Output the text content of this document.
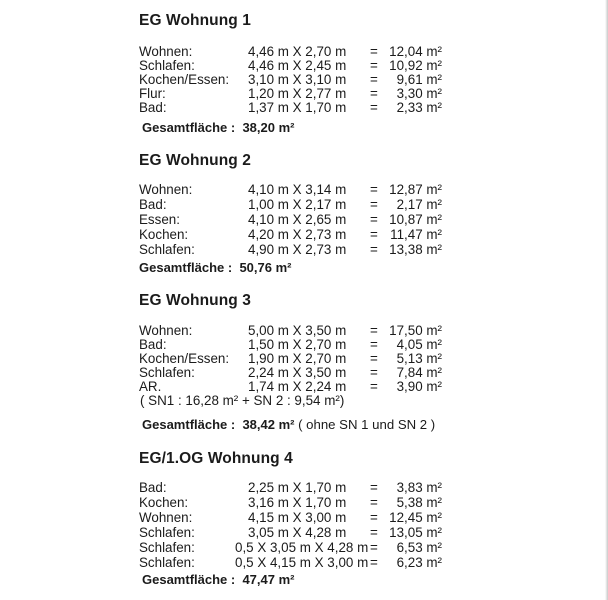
EG Wohnung 1
Wohnen:	4,46 m X 2,70 m = 12,04 m²
Schlafen:	4,46 m X 2,45 m = 10,92 m²
Kochen/Essen: 3,10 m X 3,10 m =	9,61 m²
Flur:	1,20 m X 2,77 m =	3,30 m²
Bad:	1,37 m X 1,70 m =	2,33 m²
Gesamtfläche : 38,20 m²
EG Wohnung 2
Wohnen:	4,10 m X 3,14 m = 12,87 m²
Bad:	1,00 m X 2,17 m =	2,17 m²
Essen:	4,10 m X 2,65 m = 10,87 m²
Kochen:	4,20 m X 2,73 m = 11,47 m²
Schlafen:	4,90 m X 2,73 m = 13,38 m²
Gesamtfläche : 50,76 m²
EG Wohnung 3
Wohnen:	5,00 m X 3,50 m = 17,50 m²
Bad:	1,50 m X 2,70 m =	4,05 m²
Kochen/Essen: 1,90 m X 2,70 m =	5,13 m²
Schlafen:	2,24 m X 3,50 m =	7,84 m²
AR.	1,74 m X 2,24 m =	3,90 m²
( SN1 : 16,28 m² + SN 2 : 9,54 m²)
Gesamtfläche : 38,42 m² ( ohne SN 1 und SN 2 )
EG/1.OG Wohnung 4
Bad:	2,25 m X 1,70 m =	3,83 m²
Kochen:	3,16 m X 1,70 m =	5,38 m²
Wohnen:	4,15 m X 3,00 m = 12,45 m²
Schlafen:	3,05 m X 4,28 m = 13,05 m²
Schlafen:	0,5 X 3,05 m X 4,28 m =	6,53 m²
Schlafen:	0,5 X 4,15 m X 3,00 m =	6,23 m²
Gesamtfläche : 47,47 m²
